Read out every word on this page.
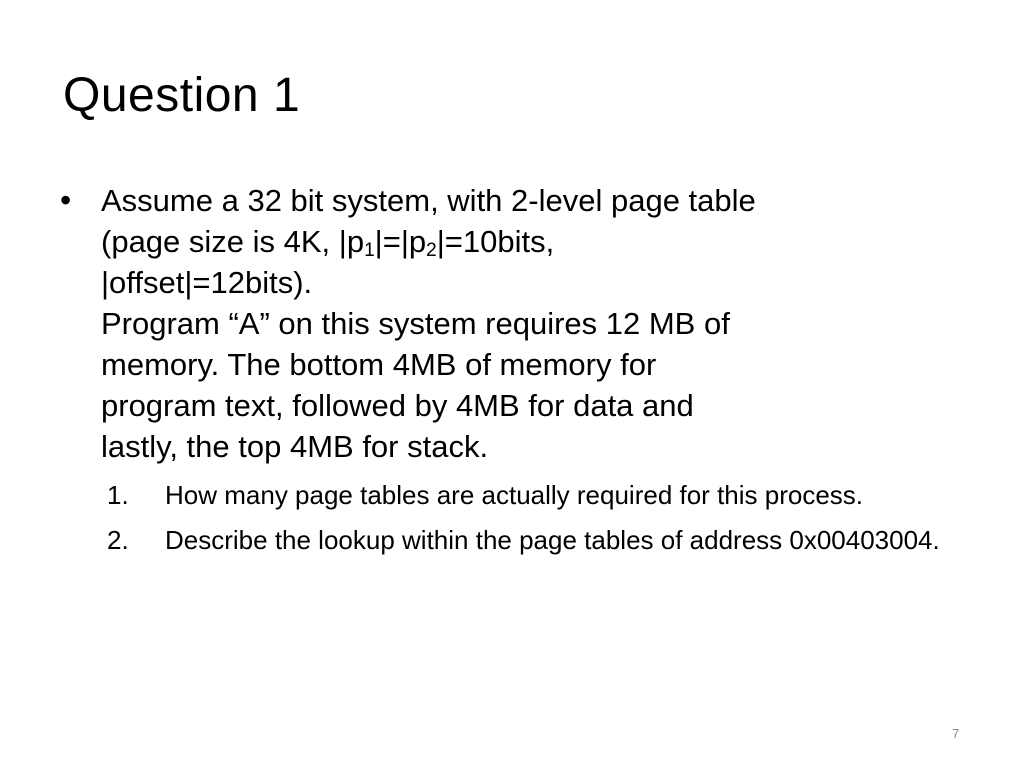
Question 1
• Assume a 32 bit system, with 2-level page table
(page size is 4K, $|p_1|=|p_2|=10bits$,
|offset|=12bits).
Program “A” on this system requires 12 MB of
memory. The bottom 4MB of memory for
program text, followed by 4MB for data and
lastly, the top 4MB for stack.
1.	How many page tables are actually required for this process.
2.	Describe the lookup within the page tables of address 0x00403004.
7
